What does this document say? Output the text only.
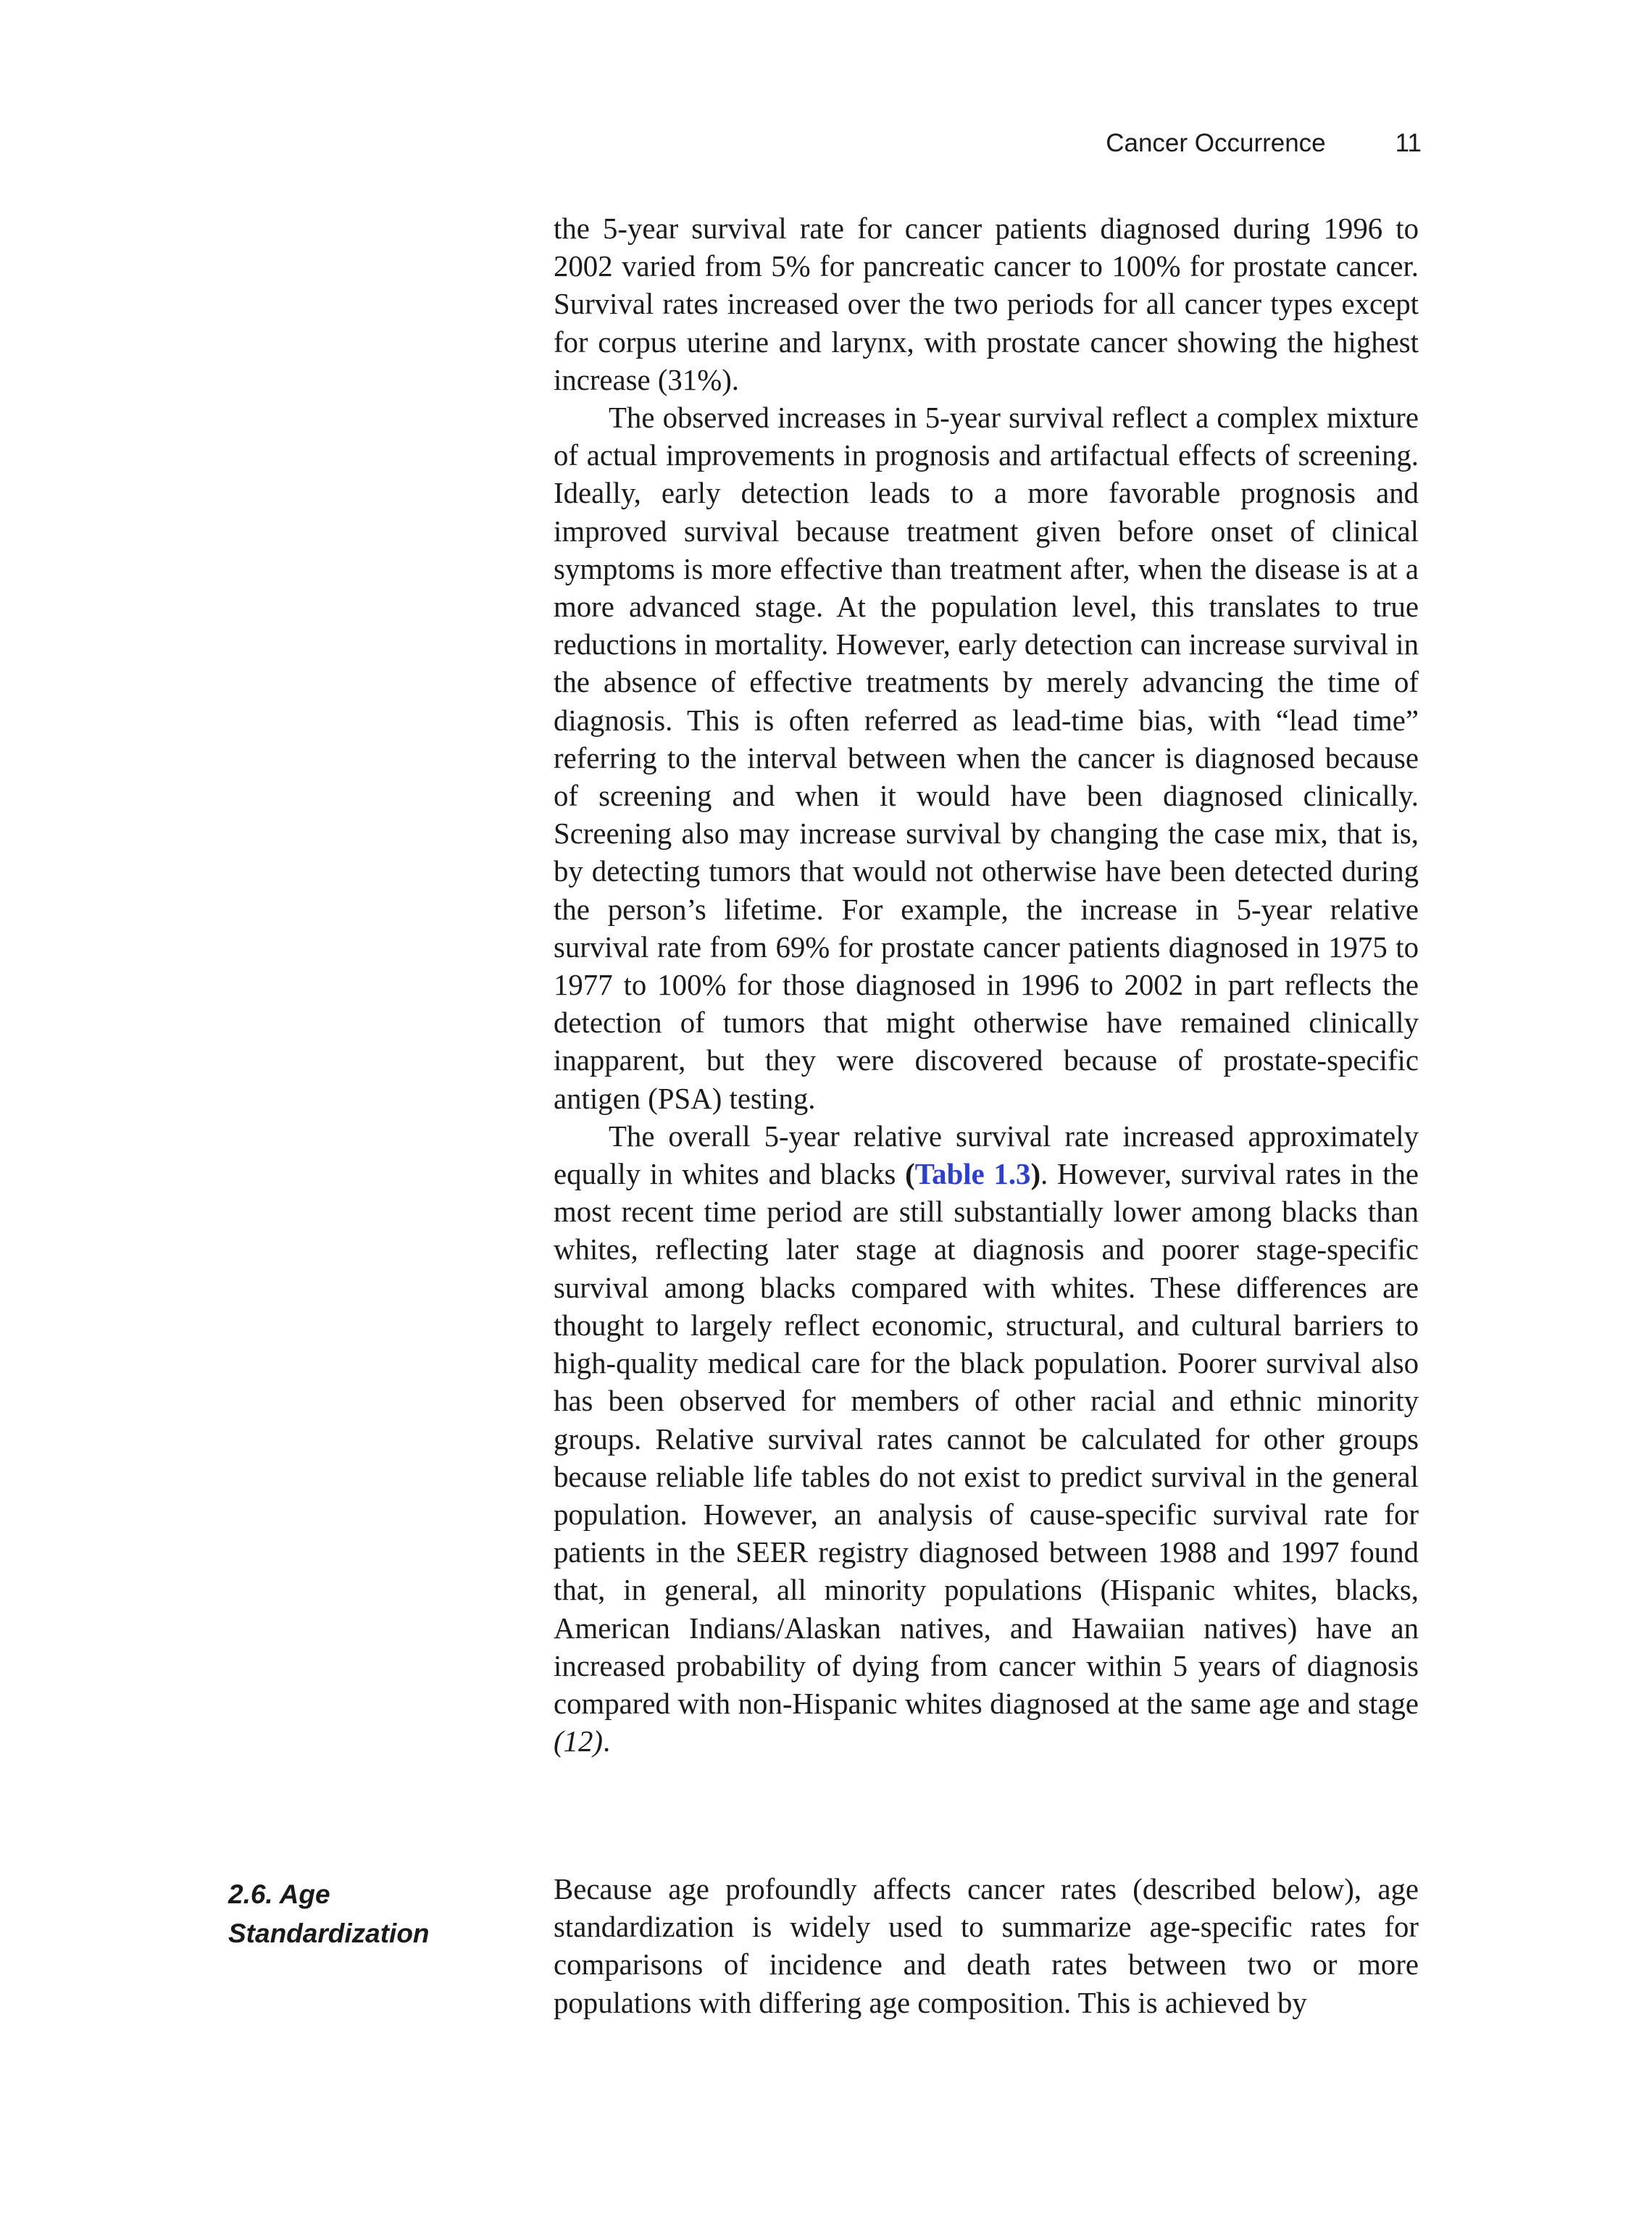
Cancer Occurrence	11

the 5-year survival rate for cancer patients diagnosed during 1996 to 2002 varied from 5% for pancreatic cancer to 100% for prostate cancer. Survival rates increased over the two periods for all cancer types except for corpus uterine and larynx, with prostate cancer showing the highest increase (31%).

The observed increases in 5-year survival reflect a complex mixture of actual improvements in prognosis and artifactual effects of screening. Ideally, early detection leads to a more favorable prognosis and improved survival because treatment given before onset of clinical symptoms is more effective than treatment after, when the disease is at a more advanced stage. At the population level, this translates to true reductions in mortality. However, early detection can increase survival in the absence of effective treatments by merely advancing the time of diagnosis. This is often referred as lead-time bias, with “lead time” referring to the interval between when the cancer is diagnosed because of screening and when it would have been diagnosed clinically. Screening also may increase survival by changing the case mix, that is, by detecting tumors that would not otherwise have been detected during the person’s lifetime. For example, the increase in 5-year relative survival rate from 69% for prostate cancer patients diagnosed in 1975 to 1977 to 100% for those diagnosed in 1996 to 2002 in part reflects the detection of tumors that might otherwise have remained clinically inapparent, but they were discovered because of prostate-specific antigen (PSA) testing.

The overall 5-year relative survival rate increased approximately equally in whites and blacks (Table 1.3). However, survival rates in the most recent time period are still substantially lower among blacks than whites, reflecting later stage at diagnosis and poorer stage-specific survival among blacks compared with whites. These differences are thought to largely reflect economic, structural, and cultural barriers to high-quality medical care for the black population. Poorer survival also has been observed for members of other racial and ethnic minority groups. Relative survival rates cannot be calculated for other groups because reliable life tables do not exist to predict survival in the general population. However, an analysis of cause-specific survival rate for patients in the SEER registry diagnosed between 1988 and 1997 found that, in general, all minority populations (Hispanic whites, blacks, American Indians/Alaskan natives, and Hawaiian natives) have an increased probability of dying from cancer within 5 years of diagnosis compared with non-Hispanic whites diagnosed at the same age and stage (12).

2.6. Age
Standardization

Because age profoundly affects cancer rates (described below), age standardization is widely used to summarize age-specific rates for comparisons of incidence and death rates between two or more populations with differing age composition. This is achieved by
